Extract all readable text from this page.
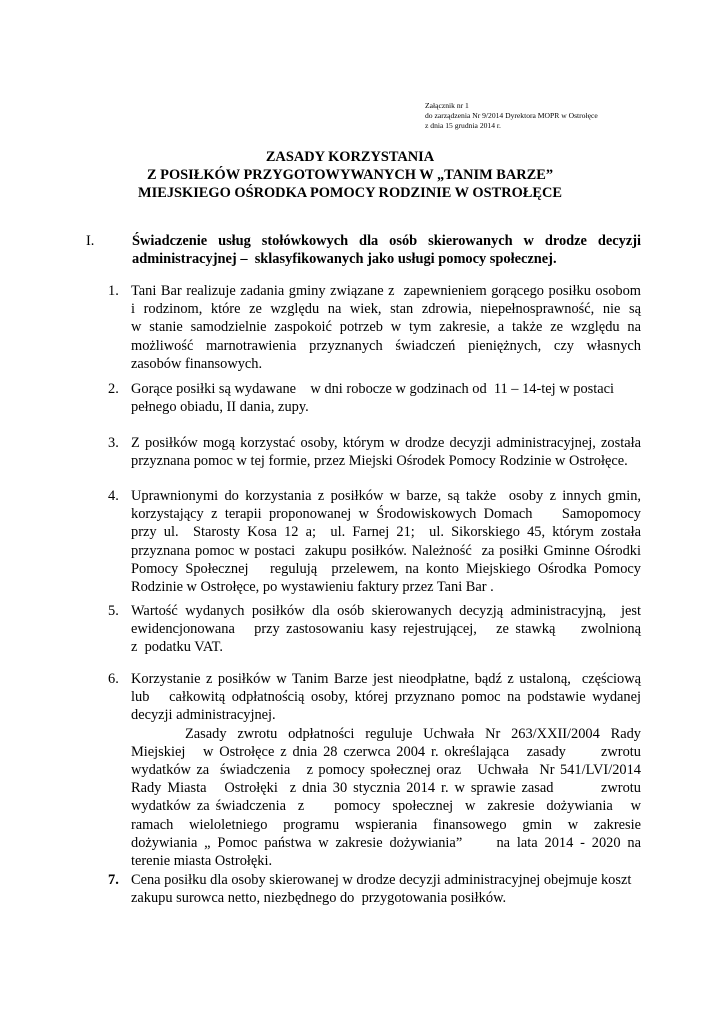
Załącznik nr 1
do zarządzenia Nr 9/2014 Dyrektora MOPR w Ostrołęce
z dnia 15 grudnia 2014 r.
ZASADY KORZYSTANIA
Z POSIŁKÓW PRZYGOTOWYWANYCH W „TANIM BARZE”
MIEJSKIEGO OŚRODKA POMOCY RODZINIE W OSTROŁĘCE
I.	Świadczenie usług stołówkowych dla osób skierowanych w drodze decyzji
administracyjnej –  sklasyfikowanych jako usługi pomocy społecznej.
1. Tani Bar realizuje zadania gminy związane z  zapewnieniem gorącego posiłku osobom
i rodzinom, które ze względu na wiek, stan zdrowia, niepełnosprawność, nie są
w stanie samodzielnie zaspokoić potrzeb w tym zakresie, a także ze względu na
możliwość marnotrawienia przyznanych świadczeń pieniężnych, czy własnych
zasobów finansowych.
2. Gorące posiłki są wydawane    w dni robocze w godzinach od  11 – 14-tej w postaci
pełnego obiadu, II dania, zupy.
3. Z posiłków mogą korzystać osoby, którym w drodze decyzji administracyjnej, została
przyznana pomoc w tej formie, przez Miejski Ośrodek Pomocy Rodzinie w Ostrołęce.
4. Uprawnionymi do korzystania z posiłków w barze, są także  osoby z innych gmin,
korzystający z terapii proponowanej w Środowiskowych Domach    Samopomocy
przy ul.  Starosty Kosa 12 a;  ul. Farnej 21;  ul. Sikorskiego 45, którym została
przyznana pomoc w postaci  zakupu posiłków. Należność  za posiłki Gminne Ośrodki
Pomocy Społecznej   regulują  przelewem, na konto Miejskiego Ośrodka Pomocy
Rodzinie w Ostrołęce, po wystawieniu faktury przez Tani Bar .
5. Wartość wydanych posiłków dla osób skierowanych decyzją administracyjną,  jest
ewidencjonowana   przy zastosowaniu kasy rejestrującej,   ze stawką    zwolnioną
z  podatku VAT.
6. Korzystanie z posiłków w Tanim Barze jest nieodpłatne, bądź z ustaloną,  częściową
lub   całkowitą odpłatnością osoby, której przyznano pomoc na podstawie wydanej
decyzji administracyjnej.
Zasady  zwrotu  odpłatności  reguluje  Uchwała  Nr  263/XXII/2004  Rady
Miejskiej   w Ostrołęce z dnia 28 czerwca 2004 r. określająca   zasady      zwrotu
wydatków za  świadczenia   z pomocy społecznej oraz   Uchwała  Nr 541/LVI/2014
Rady Miasta   Ostrołęki  z dnia 30 stycznia 2014 r. w sprawie zasad        zwrotu
wydatków za świadczenia  z     pomocy  społecznej  w  zakresie  dożywiania   w
ramach  wieloletniego  programu  wspierania  finansowego  gmin  w  zakresie
dożywiania „ Pomoc państwa w zakresie dożywiania”     na lata 2014 - 2020 na
terenie miasta Ostrołęki.
7. Cena posiłku dla osoby skierowanej w drodze decyzji administracyjnej obejmuje koszt
zakupu surowca netto, niezbędnego do  przygotowania posiłków.
